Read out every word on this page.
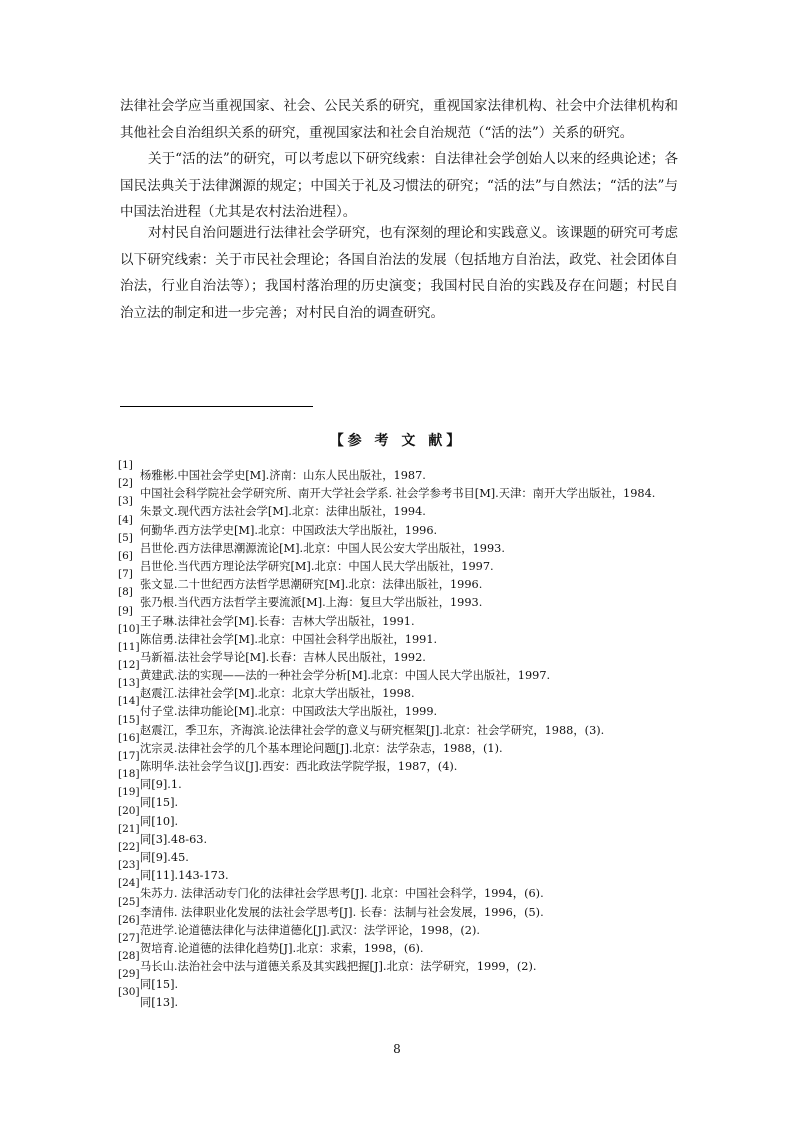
法律社会学应当重视国家、社会、公民关系的研究，重视国家法律机构、社会中介法律机构和其他社会自治组织关系的研究，重视国家法和社会自治规范（“活的法”）关系的研究。

关于“活的法”的研究，可以考虑以下研究线索：自法律社会学创始人以来的经典论述；各国民法典关于法律渊源的规定；中国关于礼及习惯法的研究；“活的法”与自然法；“活的法”与中国法治进程（尤其是农村法治进程）。

对村民自治问题进行法律社会学研究，也有深刻的理论和实践意义。该课题的研究可考虑以下研究线索：关于市民社会理论；各国自治法的发展（包括地方自治法，政党、社会团体自治法，行业自治法等）；我国村落治理的历史演变；我国村民自治的实践及存在问题；村民自治立法的制定和进一步完善；对村民自治的调查研究。

【参 考 文 献】
[1]
杨雅彬.中国社会学史[M].济南：山东人民出版社，1987.
[2]
中国社会科学院社会学研究所、南开大学社会学系. 社会学参考书目[M].天津：南开大学出版社，1984.
[3]
朱景文.现代西方法社会学[M].北京：法律出版社，1994.
[4]
何勤华.西方法学史[M].北京：中国政法大学出版社，1996.
[5]
吕世伦.西方法律思潮源流论[M].北京：中国人民公安大学出版社，1993.
[6]
吕世伦.当代西方理论法学研究[M].北京：中国人民大学出版社，1997.
[7]
张文显.二十世纪西方法哲学思潮研究[M].北京：法律出版社，1996.
[8]
张乃根.当代西方法哲学主要流派[M].上海：复旦大学出版社，1993.
[9]
王子琳.法律社会学[M].长春：吉林大学出版社，1991.
[10]
陈信勇.法律社会学[M].北京：中国社会科学出版社，1991.
[11]
马新福.法社会学导论[M].长春：吉林人民出版社，1992.
[12]
黄建武.法的实现——法的一种社会学分析[M].北京：中国人民大学出版社，1997.
[13]
赵震江.法律社会学[M].北京：北京大学出版社，1998.
[14]
付子堂.法律功能论[M].北京：中国政法大学出版社，1999.
[15]
赵震江，季卫东，齐海滨.论法律社会学的意义与研究框架[J].北京：社会学研究，1988，(3).
[16]
沈宗灵.法律社会学的几个基本理论问题[J].北京：法学杂志，1988，(1).
[17]
陈明华.法社会学刍议[J].西安：西北政法学院学报，1987，(4).
[18]
同[9].1.
[19]
同[15].
[20]
同[10].
[21]
同[3].48-63.
[22]
同[9].45.
[23]
同[11].143-173.
[24]
朱苏力. 法律活动专门化的法律社会学思考[J]. 北京：中国社会科学，1994，(6).
[25]
李清伟. 法律职业化发展的法社会学思考[J]. 长春：法制与社会发展，1996，(5).
[26]
范进学.论道德法律化与法律道德化[J].武汉：法学评论，1998，(2).
[27]
贺培育.论道德的法律化趋势[J].北京：求索，1998，(6).
[28]
马长山.法治社会中法与道德关系及其实践把握[J].北京：法学研究，1999，(2).
[29]
同[15].
[30]
同[13].
8
